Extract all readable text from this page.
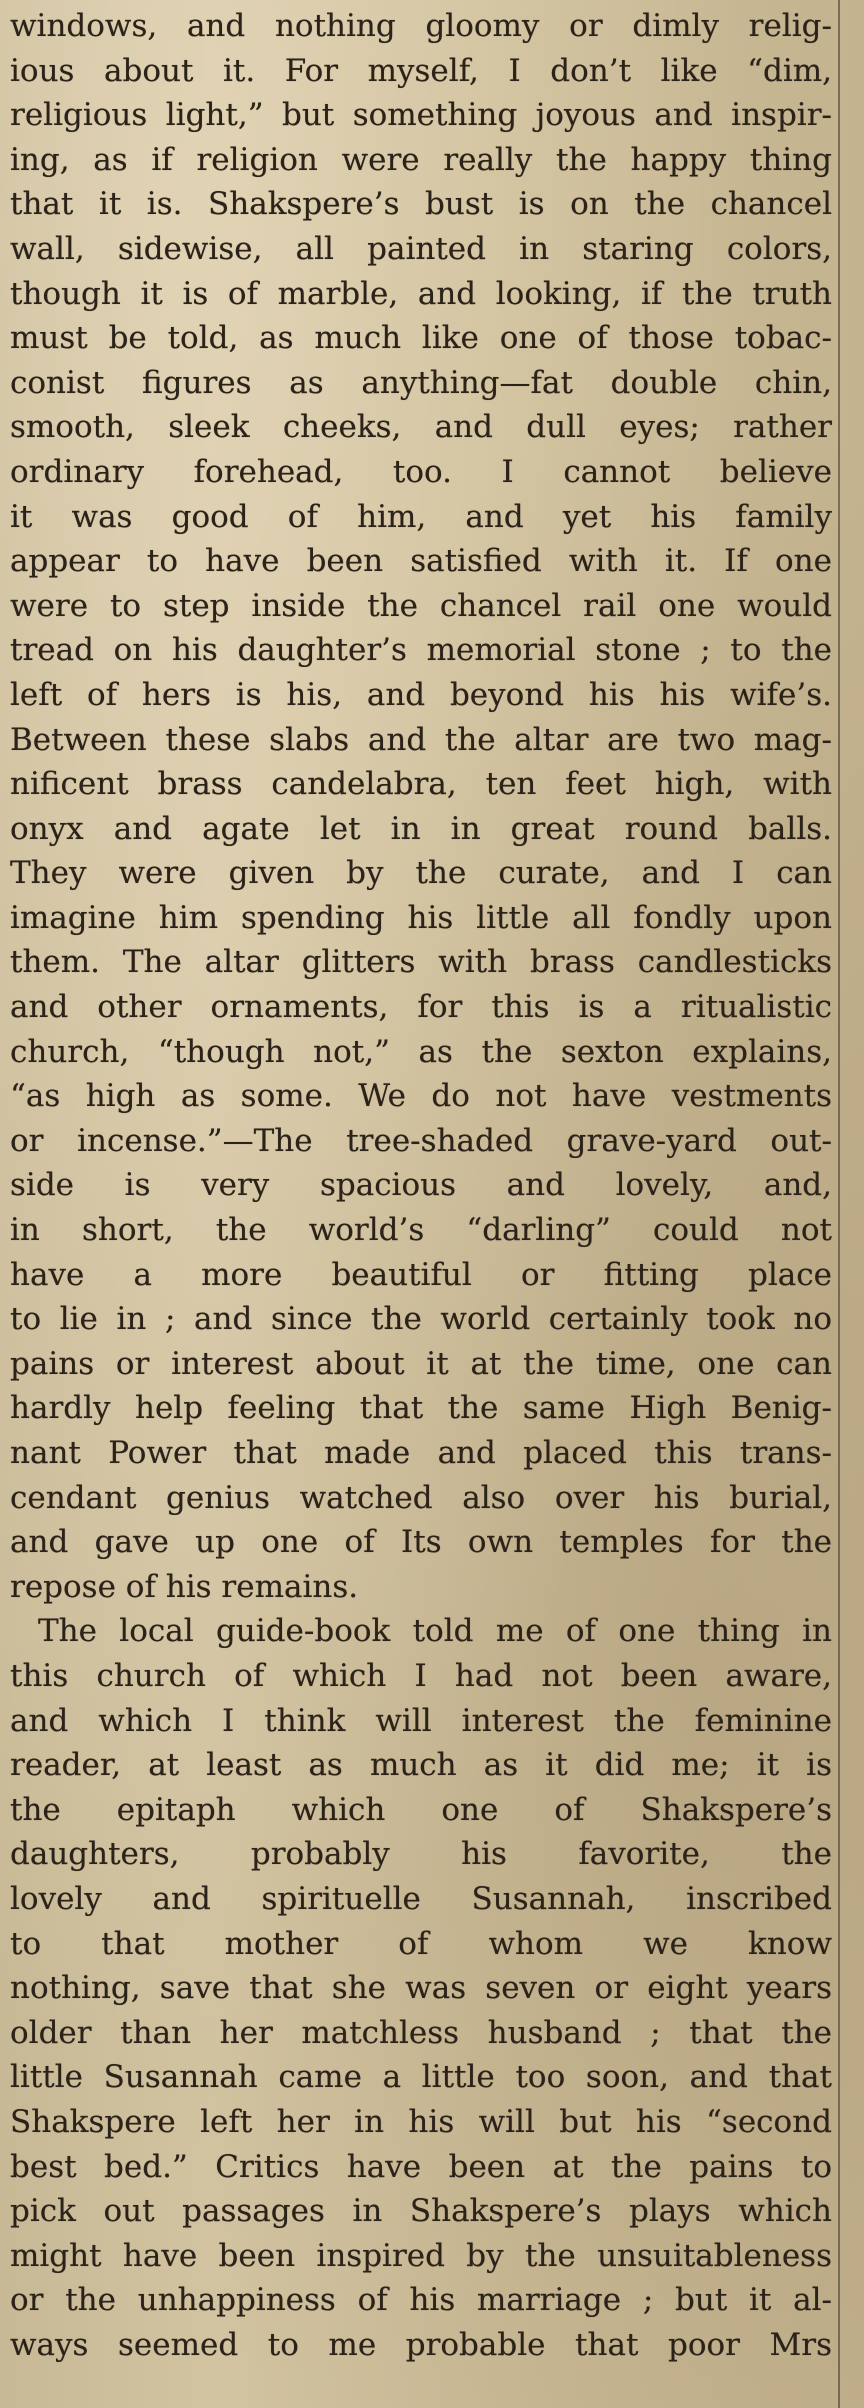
windows, and nothing gloomy or dimly relig-
ious about it. For myself, I don’t like “dim,
religious light,” but something joyous and inspir-
ing, as if religion were really the happy thing
that it is. Shakspere’s bust is on the chancel
wall, sidewise, all painted in staring colors,
though it is of marble, and looking, if the truth
must be told, as much like one of those tobac-
conist figures as anything—fat double chin,
smooth, sleek cheeks, and dull eyes; rather
ordinary forehead, too. I cannot believe
it was good of him, and yet his family
appear to have been satisfied with it. If one
were to step inside the chancel rail one would
tread on his daughter’s memorial stone ; to the
left of hers is his, and beyond his his wife’s.
Between these slabs and the altar are two mag-
nificent brass candelabra, ten feet high, with
onyx and agate let in in great round balls.
They were given by the curate, and I can
imagine him spending his little all fondly upon
them. The altar glitters with brass candlesticks
and other ornaments, for this is a ritualistic
church, “though not,” as the sexton explains,
“as high as some. We do not have vestments
or incense.”—The tree-shaded grave-yard out-
side is very spacious and lovely, and,
in short, the world’s “darling” could not
have a more beautiful or fitting place
to lie in ; and since the world certainly took no
pains or interest about it at the time, one can
hardly help feeling that the same High Benig-
nant Power that made and placed this trans-
cendant genius watched also over his burial,
and gave up one of Its own temples for the
repose of his remains.
The local guide-book told me of one thing in
this church of which I had not been aware,
and which I think will interest the feminine
reader, at least as much as it did me; it is
the epitaph which one of Shakspere’s
daughters, probably his favorite, the
lovely and spirituelle Susannah, inscribed
to that mother of whom we know
nothing, save that she was seven or eight years
older than her matchless husband ; that the
little Susannah came a little too soon, and that
Shakspere left her in his will but his “second
best bed.” Critics have been at the pains to
pick out passages in Shakspere’s plays which
might have been inspired by the unsuitableness
or the unhappiness of his marriage ; but it al-
ways seemed to me probable that poor Mrs
